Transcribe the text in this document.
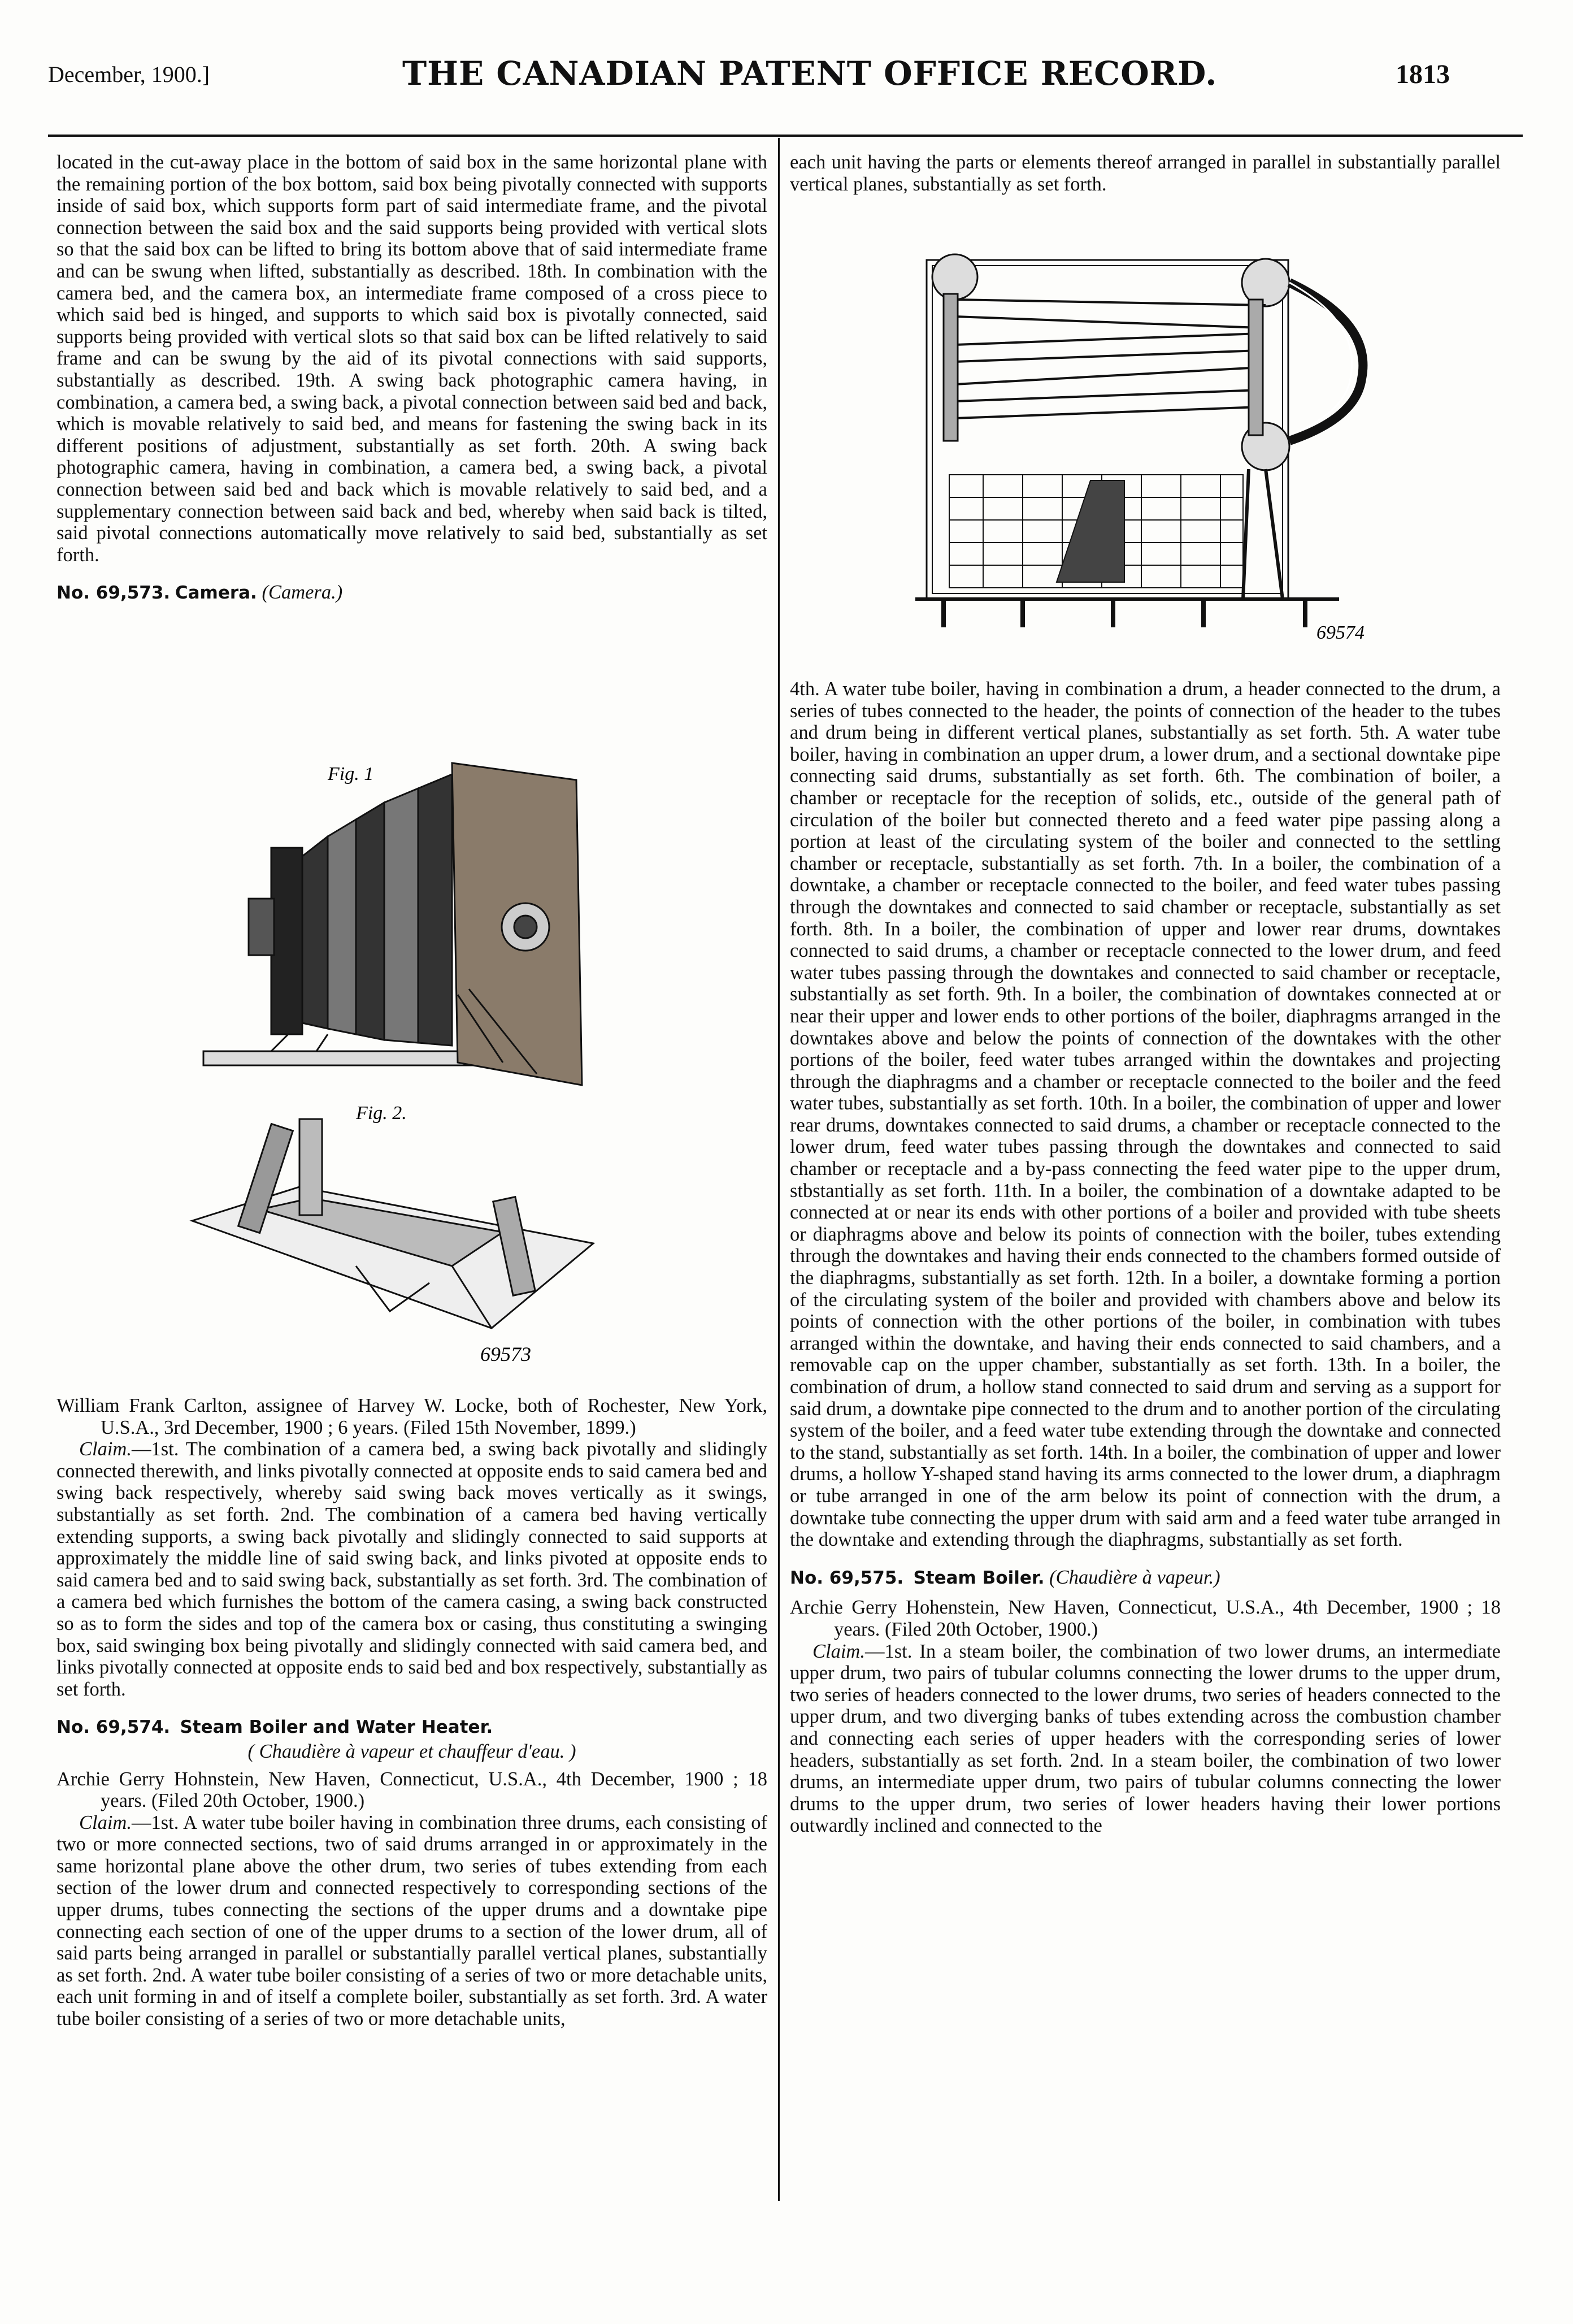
December, 1900.]	THE CANADIAN PATENT OFFICE RECORD.	1813

located in the cut-away place in the bottom of said box in the same horizontal plane with the remaining portion of the box bottom, said box being pivotally connected with supports inside of said box, which supports form part of said intermediate frame, and the pivotal connection between the said box and the said supports being provided with vertical slots so that the said box can be lifted to bring its bottom above that of said intermediate frame and can be swung when lifted, substantially as described. 18th. In combination with the camera bed, and the camera box, an intermediate frame composed of a cross piece to which said bed is hinged, and supports to which said box is pivotally connected, said supports being provided with vertical slots so that said box can be lifted relatively to said frame and can be swung by the aid of its pivotal connections with said supports, substantially as described. 19th. A swing back photographic camera having, in combination, a camera bed, a swing back, a pivotal connection between said bed and back, which is movable relatively to said bed, and means for fastening the swing back in its different positions of adjustment, substantially as set forth. 20th. A swing back photographic camera, having in combination, a camera bed, a swing back, a pivotal connection between said bed and back which is movable relatively to said bed, and a supplementary connection between said back and bed, whereby when said back is tilted, said pivotal connections automatically move relatively to said bed, substantially as set forth.

No. 69,573. Camera. (Camera.)

Fig. 1
Fig. 2.
69573

William Frank Carlton, assignee of Harvey W. Locke, both of Rochester, New York, U.S.A., 3rd December, 1900 ; 6 years. (Filed 15th November, 1899.)

Claim.—1st. The combination of a camera bed, a swing back pivotally and slidingly connected therewith, and links pivotally connected at opposite ends to said camera bed and swing back respectively, whereby said swing back moves vertically as it swings, substantially as set forth. 2nd. The combination of a camera bed having vertically extending supports, a swing back pivotally and slidingly connected to said supports at approximately the middle line of said swing back, and links pivoted at opposite ends to said camera bed and to said swing back, substantially as set forth. 3rd. The combination of a camera bed which furnishes the bottom of the camera casing, a swing back constructed so as to form the sides and top of the camera box or casing, thus constituting a swinging box, said swinging box being pivotally and slidingly connected with said camera bed, and links pivotally connected at opposite ends to said bed and box respectively, substantially as set forth.

No. 69,574. Steam Boiler and Water Heater.

( Chaudière à vapeur et chauffeur d'eau. )

Archie Gerry Hohnstein, New Haven, Connecticut, U.S.A., 4th December, 1900 ; 18 years. (Filed 20th October, 1900.)

Claim.—1st. A water tube boiler having in combination three drums, each consisting of two or more connected sections, two of said drums arranged in or approximately in the same horizontal plane above the other drum, two series of tubes extending from each section of the lower drum and connected respectively to corresponding sections of the upper drums, tubes connecting the sections of the upper drums and a downtake pipe connecting each section of one of the upper drums to a section of the lower drum, all of said parts being arranged in parallel or substantially parallel vertical planes, substantially as set forth. 2nd. A water tube boiler consisting of a series of two or more detachable units, each unit forming in and of itself a complete boiler, substantially as set forth. 3rd. A water tube boiler consisting of a series of two or more detachable units,

each unit having the parts or elements thereof arranged in parallel in substantially parallel vertical planes, substantially as set forth.

69574

4th. A water tube boiler, having in combination a drum, a header connected to the drum, a series of tubes connected to the header, the points of connection of the header to the tubes and drum being in different vertical planes, substantially as set forth. 5th. A water tube boiler, having in combination an upper drum, a lower drum, and a sectional downtake pipe connecting said drums, substantially as set forth. 6th. The combination of boiler, a chamber or receptacle for the reception of solids, etc., outside of the general path of circulation of the boiler but connected thereto and a feed water pipe passing along a portion at least of the circulating system of the boiler and connected to the settling chamber or receptacle, substantially as set forth. 7th. In a boiler, the combination of a downtake, a chamber or receptacle connected to the boiler, and feed water tubes passing through the downtakes and connected to said chamber or receptacle, substantially as set forth. 8th. In a boiler, the combination of upper and lower rear drums, downtakes connected to said drums, a chamber or receptacle connected to the lower drum, and feed water tubes passing through the downtakes and connected to said chamber or receptacle, substantially as set forth. 9th. In a boiler, the combination of downtakes connected at or near their upper and lower ends to other portions of the boiler, diaphragms arranged in the downtakes above and below the points of connection of the downtakes with the other portions of the boiler, feed water tubes arranged within the downtakes and projecting through the diaphragms and a chamber or receptacle connected to the boiler and the feed water tubes, substantially as set forth. 10th. In a boiler, the combination of upper and lower rear drums, downtakes connected to said drums, a chamber or receptacle connected to the lower drum, feed water tubes passing through the downtakes and connected to said chamber or receptacle and a by-pass connecting the feed water pipe to the upper drum, stbstantially as set forth. 11th. In a boiler, the combination of a downtake adapted to be connected at or near its ends with other portions of a boiler and provided with tube sheets or diaphragms above and below its points of connection with the boiler, tubes extending through the downtakes and having their ends connected to the chambers formed outside of the diaphragms, substantially as set forth. 12th. In a boiler, a downtake forming a portion of the circulating system of the boiler and provided with chambers above and below its points of connection with the other portions of the boiler, in combination with tubes arranged within the downtake, and having their ends connected to said chambers, and a removable cap on the upper chamber, substantially as set forth. 13th. In a boiler, the combination of drum, a hollow stand connected to said drum and serving as a support for said drum, a downtake pipe connected to the drum and to another portion of the circulating system of the boiler, and a feed water tube extending through the downtake and connected to the stand, substantially as set forth. 14th. In a boiler, the combination of upper and lower drums, a hollow Y-shaped stand having its arms connected to the lower drum, a diaphragm or tube arranged in one of the arm below its point of connection with the drum, a downtake tube connecting the upper drum with said arm and a feed water tube arranged in the downtake and extending through the diaphragms, substantially as set forth.

No. 69,575. Steam Boiler. (Chaudière à vapeur.)

Archie Gerry Hohenstein, New Haven, Connecticut, U.S.A., 4th December, 1900 ; 18 years. (Filed 20th October, 1900.)

Claim.—1st. In a steam boiler, the combination of two lower drums, an intermediate upper drum, two pairs of tubular columns connecting the lower drums to the upper drum, two series of headers connected to the lower drums, two series of headers connected to the upper drum, and two diverging banks of tubes extending across the combustion chamber and connecting each series of upper headers with the corresponding series of lower headers, substantially as set forth. 2nd. In a steam boiler, the combination of two lower drums, an intermediate upper drum, two pairs of tubular columns connecting the lower drums to the upper drum, two series of lower headers having their lower portions outwardly inclined and connected to the
